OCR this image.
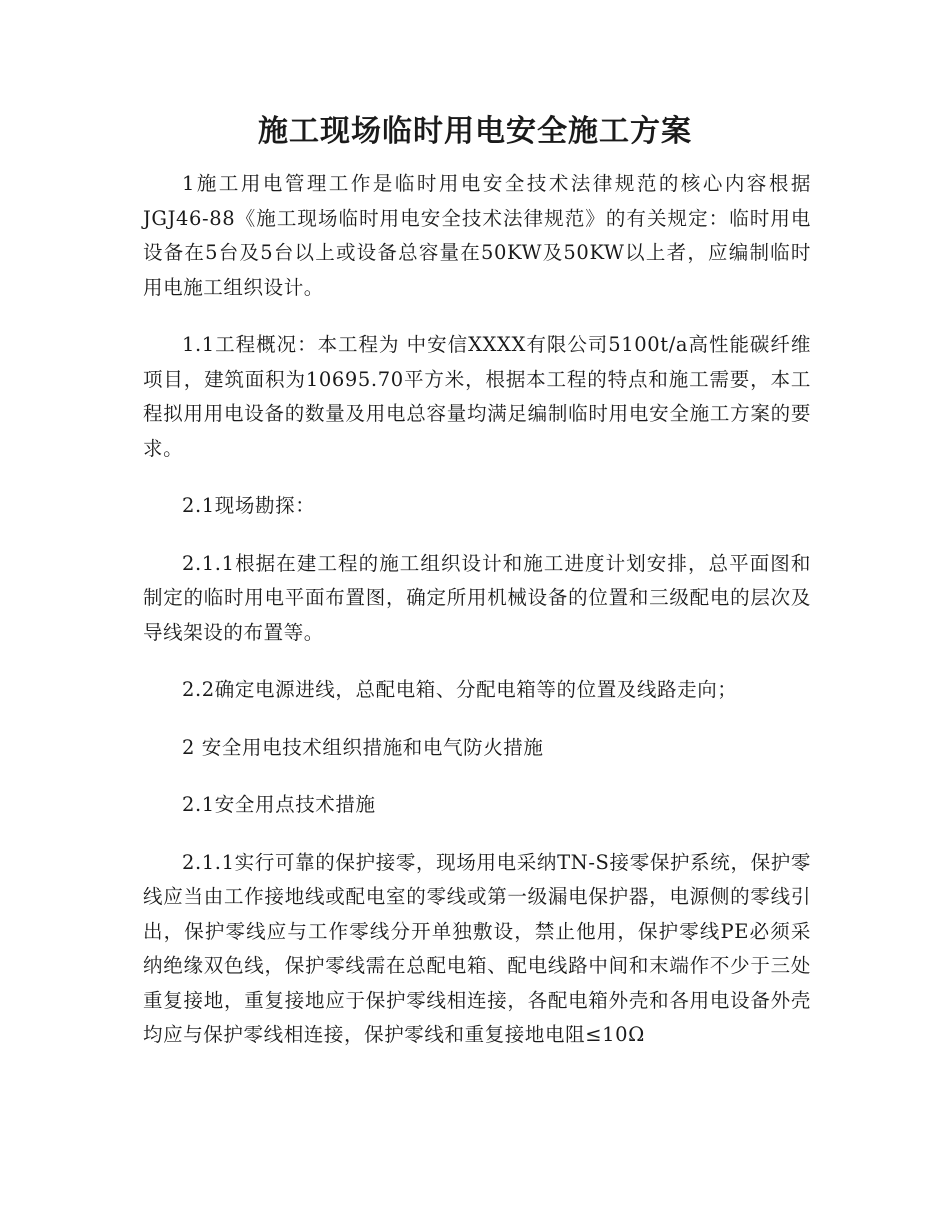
施工现场临时用电安全施工方案

1施工用电管理工作是临时用电安全技术法律规范的核心内容根据JGJ46-88《施工现场临时用电安全技术法律规范》的有关规定：临时用电设备在5台及5台以上或设备总容量在50KW及50KW以上者，应编制临时用电施工组织设计。

1.1工程概况：本工程为 中安信XXXX有限公司5100t/a高性能碳纤维项目，建筑面积为10695.70平方米，根据本工程的特点和施工需要，本工程拟用用电设备的数量及用电总容量均满足编制临时用电安全施工方案的要求。

2.1现场勘探：

2.1.1根据在建工程的施工组织设计和施工进度计划安排，总平面图和制定的临时用电平面布置图，确定所用机械设备的位置和三级配电的层次及导线架设的布置等。

2.2确定电源进线，总配电箱、分配电箱等的位置及线路走向；

2 安全用电技术组织措施和电气防火措施

2.1安全用点技术措施

2.1.1实行可靠的保护接零，现场用电采纳TN-S接零保护系统，保护零线应当由工作接地线或配电室的零线或第一级漏电保护器，电源侧的零线引出，保护零线应与工作零线分开单独敷设，禁止他用，保护零线PE必须采纳绝缘双色线，保护零线需在总配电箱、配电线路中间和末端作不少于三处重复接地，重复接地应于保护零线相连接，各配电箱外壳和各用电设备外壳均应与保护零线相连接，保护零线和重复接地电阻≤10Ω
